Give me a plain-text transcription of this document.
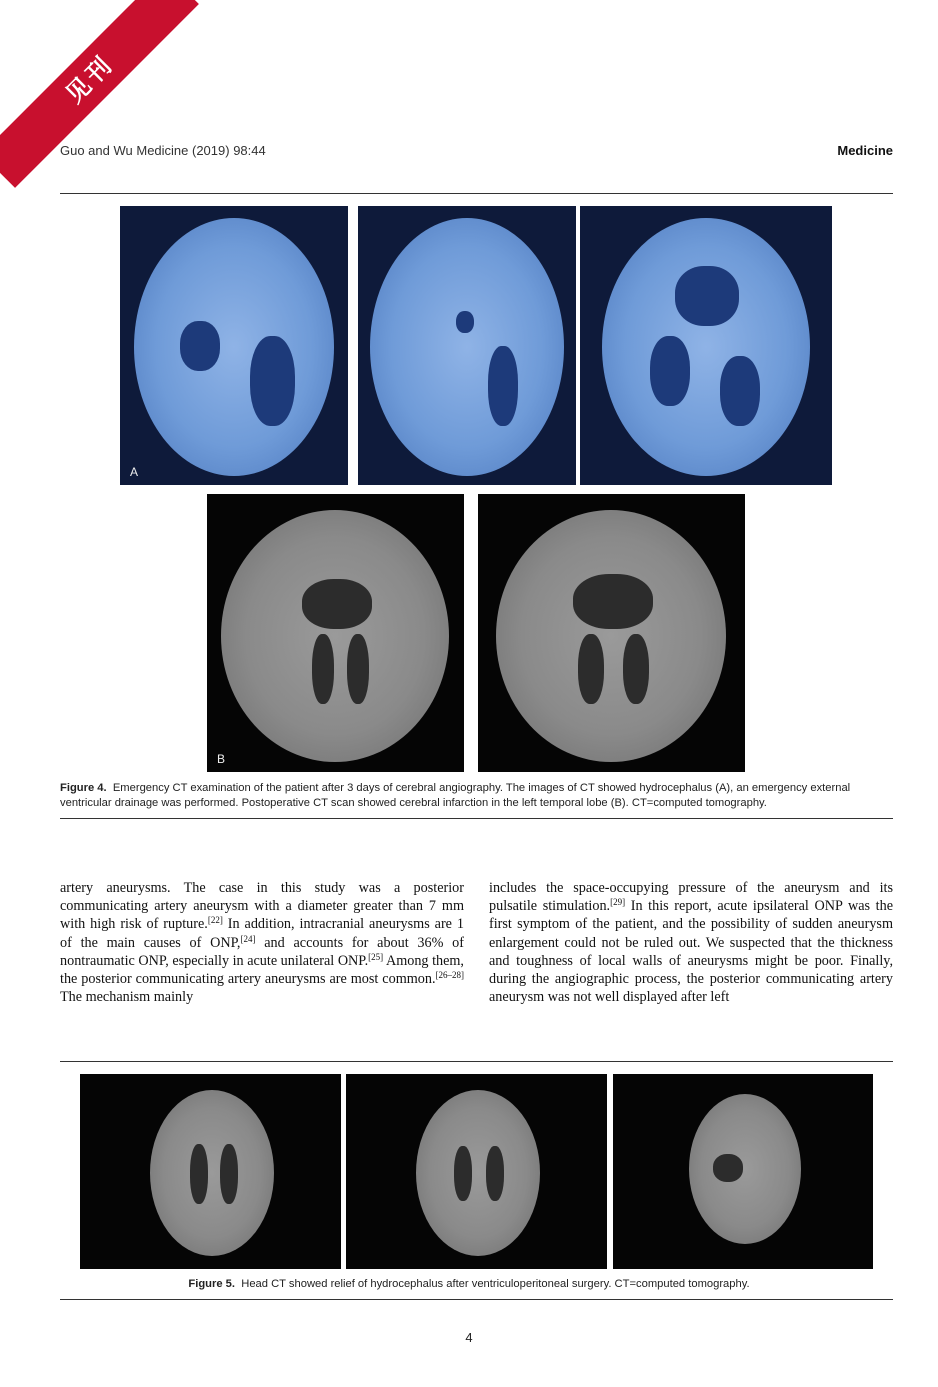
见刊
Guo and Wu Medicine (2019) 98:44	Medicine
A
B
Figure 4. Emergency CT examination of the patient after 3 days of cerebral angiography. The images of CT showed hydrocephalus (A), an emergency external ventricular drainage was performed. Postoperative CT scan showed cerebral infarction in the left temporal lobe (B). CT=computed tomography.
artery aneurysms. The case in this study was a posterior communicating artery aneurysm with a diameter greater than 7 mm with high risk of rupture.[22] In addition, intracranial aneurysms are 1 of the main causes of ONP,[24] and accounts for about 36% of nontraumatic ONP, especially in acute unilateral ONP.[25] Among them, the posterior communicating artery aneurysms are most common.[26–28] The mechanism mainly
includes the space-occupying pressure of the aneurysm and its pulsatile stimulation.[29] In this report, acute ipsilateral ONP was the first symptom of the patient, and the possibility of sudden aneurysm enlargement could not be ruled out. We suspected that the thickness and toughness of local walls of aneurysms might be poor. Finally, during the angiographic process, the posterior communicating artery aneurysm was not well displayed after left
Figure 5. Head CT showed relief of hydrocephalus after ventriculoperitoneal surgery. CT=computed tomography.
4
